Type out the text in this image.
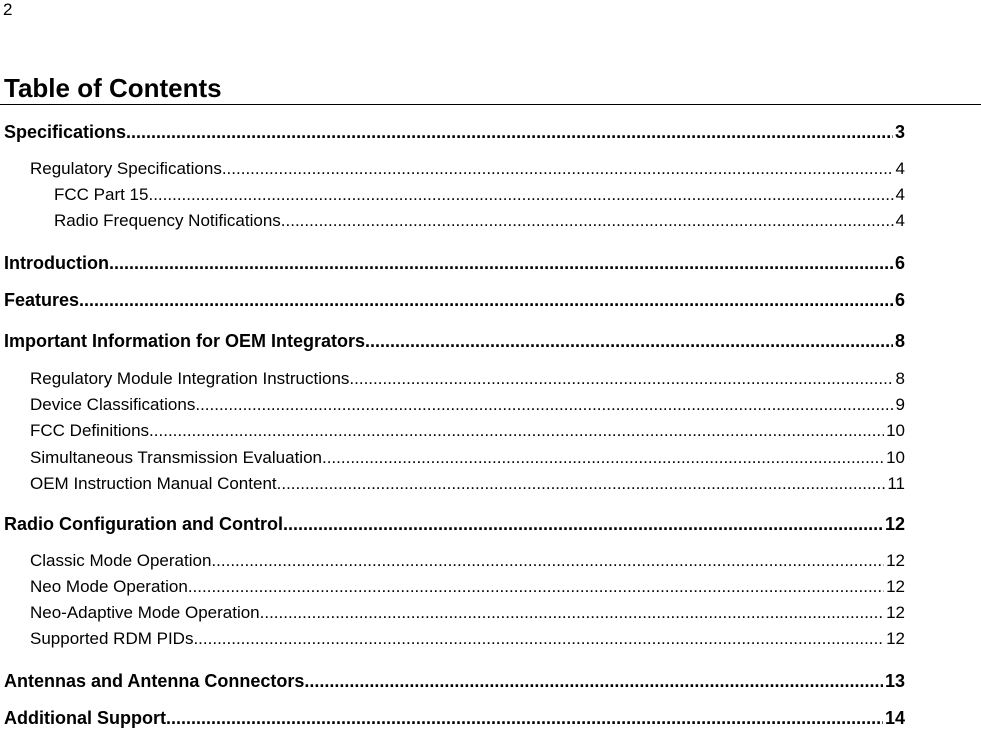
2
Table of Contents
Specifications .....	3
Regulatory Specifications .....	4
FCC Part 15 .....	4
Radio Frequency Notifications .....	4
Introduction .....	6
Features .....	6
Important Information for OEM Integrators .....	8
Regulatory Module Integration Instructions .....	8
Device Classifications .....	9
FCC Definitions .....	10
Simultaneous Transmission Evaluation .....	10
OEM Instruction Manual Content .....	11
Radio Configuration and Control .....	12
Classic Mode Operation .....	12
Neo Mode Operation .....	12
Neo-Adaptive Mode Operation .....	12
Supported RDM PIDs .....	12
Antennas and Antenna Connectors .....	13
Additional Support .....	14
